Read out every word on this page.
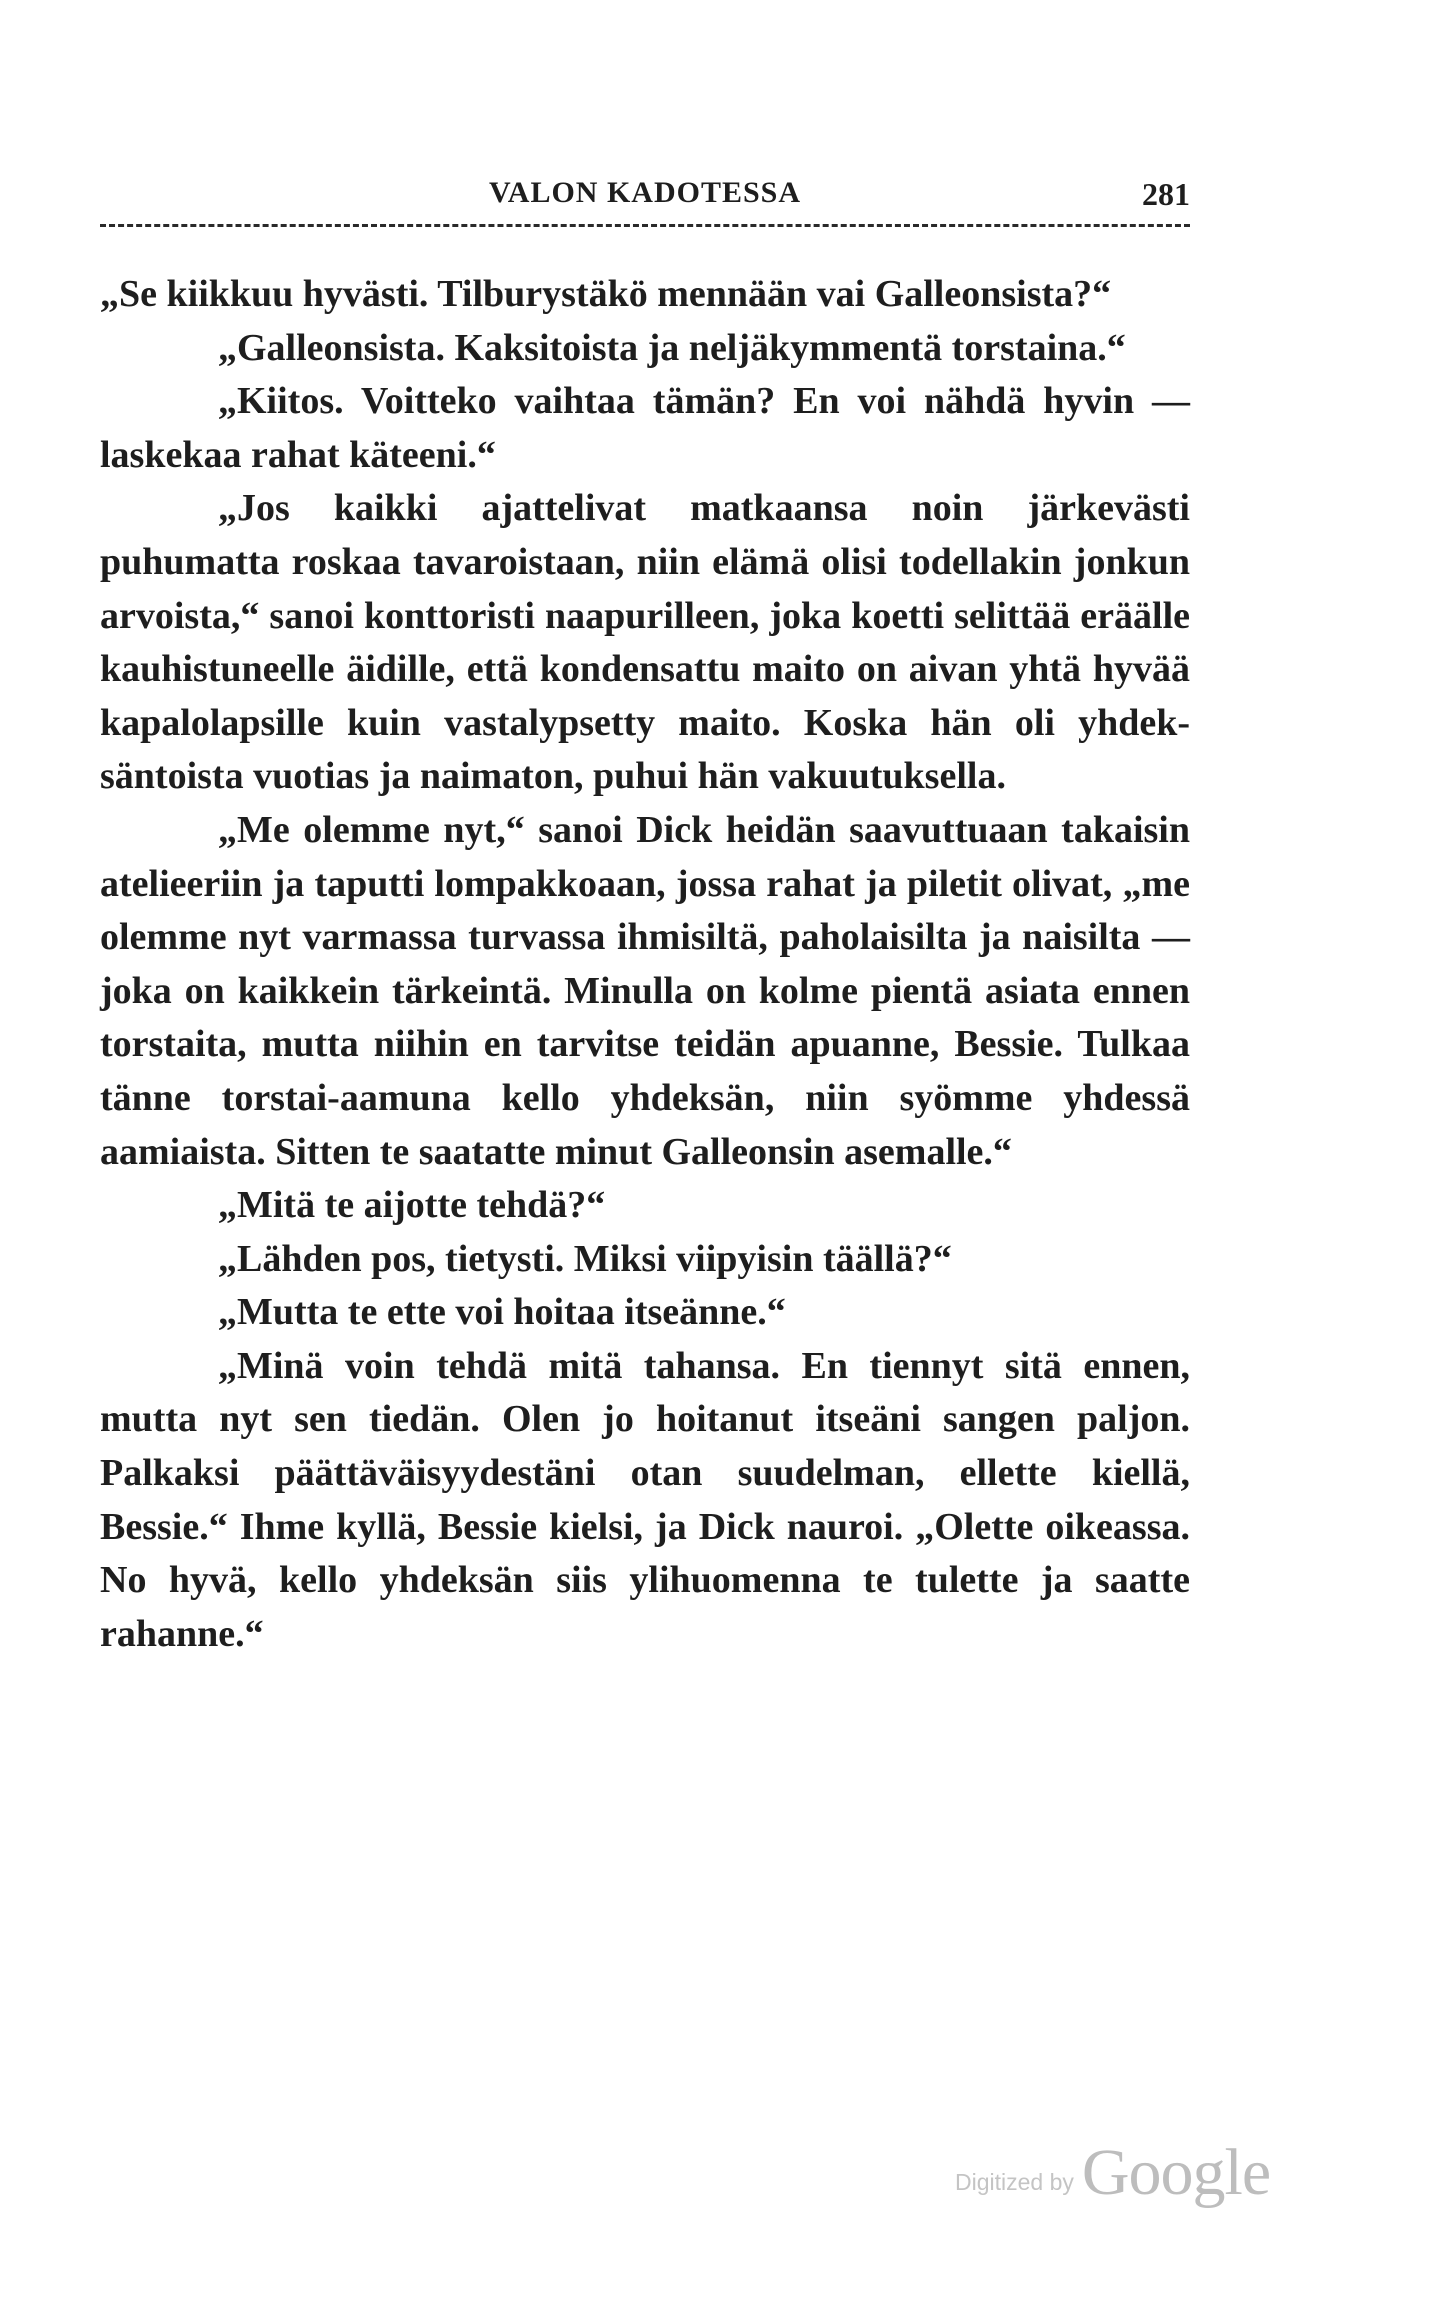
VALON KADOTESSA	281

„Se kiikkuu hyvästi. Tilburystäkö mennään vai Galleonsista?“

„Galleonsista. Kaksitoista ja neljäkymmentä torstaina.“

„Kiitos. Voitteko vaihtaa tämän? En voi nähdä hyvin — laskekaa rahat käteeni.“

„Jos kaikki ajattelivat matkaansa noin järkevästi puhumatta roskaa tavaroistaan, niin elämä olisi todellakin jonkun arvoista,“ sanoi konttoristi naapurilleen, joka koetti selittää eräälle kauhistuneelle äidille, että kondensattu maito on aivan yhtä hyvää kapalolapsille kuin vastalypsetty maito. Koska hän oli yhdeksäntoista vuotias ja naimaton, puhui hän vakuutuksella.

„Me olemme nyt,“ sanoi Dick heidän saavuttuaan takaisin atelieeriin ja taputti lompakkoaan, jossa rahat ja piletit olivat, „me olemme nyt varmassa turvassa ihmisiltä, paholaisilta ja naisilta — joka on kaikkein tärkeintä. Minulla on kolme pientä asiata ennen torstaita, mutta niihin en tarvitse teidän apuanne, Bessie. Tulkaa tänne torstai-aamuna kello yhdeksän, niin syömme yhdessä aamiaista. Sitten te saatatte minut Galleonsin asemalle.“

„Mitä te aijotte tehdä?“

„Lähden pos, tietysti. Miksi viipyisin täällä?“

„Mutta te ette voi hoitaa itseänne.“

„Minä voin tehdä mitä tahansa. En tiennyt sitä ennen, mutta nyt sen tiedän. Olen jo hoitanut itseäni sangen paljon. Palkaksi päättäväisyydestäni otan suudelman, ellette kiellä, Bessie.“ Ihme kyllä, Bessie kielsi, ja Dick nauroi. „Olette oikeassa. No hyvä, kello yhdeksän siis ylihuomenna te tulette ja saatte rahanne.“

Digitized by Google
